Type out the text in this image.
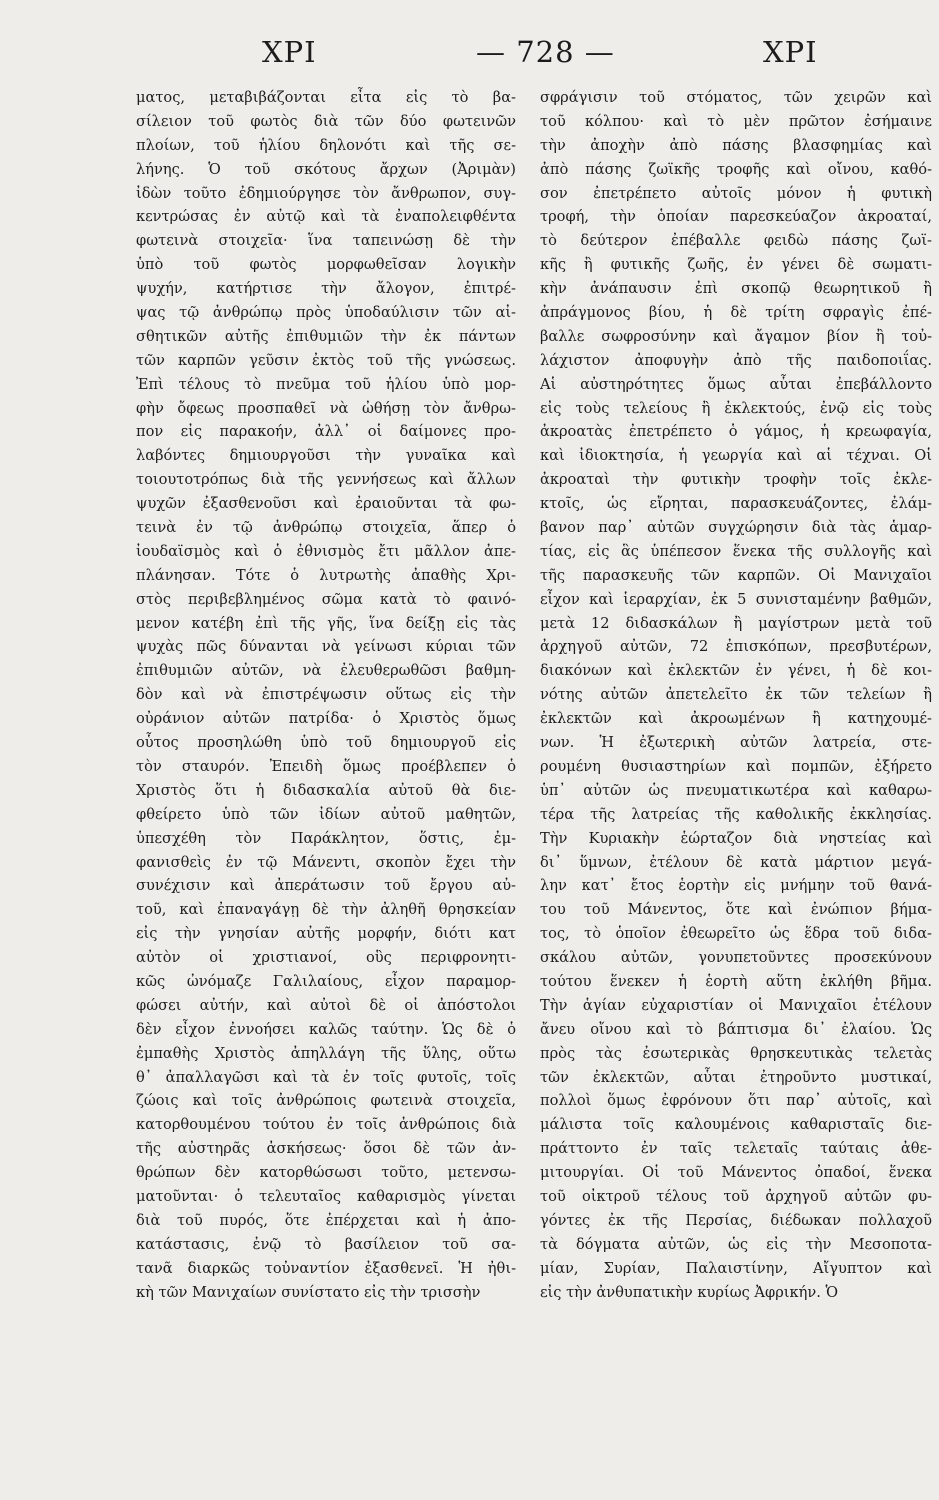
ΧΡΙ	— 728 —	ΧΡΙ
ματος, μεταβιβάζονται εἶτα εἰς τὸ βα-
σίλειον τοῦ φωτὸς διὰ τῶν δύο φωτεινῶν
πλοίων, τοῦ ἡλίου δηλονότι καὶ τῆς σε-
λήνης. Ὁ τοῦ σκότους ἄρχων (Ἀριμὰν)
ἰδὼν τοῦτο ἐδημιούργησε τὸν ἄνθρωπον, συγ-
κεντρώσας ἐν αὐτῷ καὶ τὰ ἐναπολειφθέντα
φωτεινὰ στοιχεῖα· ἵνα ταπεινώσῃ δὲ τὴν
ὑπὸ τοῦ φωτὸς μορφωθεῖσαν λογικὴν
ψυχήν, κατήρτισε τὴν ἄλογον, ἐπιτρέ-
ψας τῷ ἀνθρώπῳ πρὸς ὑποδαύλισιν τῶν αἰ-
σθητικῶν αὐτῆς ἐπιθυμιῶν τὴν ἐκ πάντων
τῶν καρπῶν γεῦσιν ἐκτὸς τοῦ τῆς γνώσεως.
Ἐπὶ τέλους τὸ πνεῦμα τοῦ ἡλίου ὑπὸ μορ-
φὴν ὄφεως προσπαθεῖ νὰ ὠθήσῃ τὸν ἄνθρω-
πον εἰς παρακοήν, ἀλλ᾽ οἱ δαίμονες προ-
λαβόντες δημιουργοῦσι τὴν γυναῖκα καὶ
τοιουτοτρόπως διὰ τῆς γεννήσεως καὶ ἄλλων
ψυχῶν ἐξασθενοῦσι καὶ ἐραιοῦνται τὰ φω-
τεινὰ ἐν τῷ ἀνθρώπῳ στοιχεῖα, ἅπερ ὁ
ἰουδαϊσμὸς καὶ ὁ ἐθνισμὸς ἔτι μᾶλλον ἀπε-
πλάνησαν. Τότε ὁ λυτρωτὴς ἀπαθὴς Χρι-
στὸς περιβεβλημένος σῶμα κατὰ τὸ φαινό-
μενον κατέβη ἐπὶ τῆς γῆς, ἵνα δείξῃ εἰς τὰς
ψυχὰς πῶς δύνανται νὰ γείνωσι κύριαι τῶν
ἐπιθυμιῶν αὐτῶν, νὰ ἐλευθερωθῶσι βαθμη-
δὸν καὶ νὰ ἐπιστρέψωσιν οὕτως εἰς τὴν
οὐράνιον αὐτῶν πατρίδα· ὁ Χριστὸς ὅμως
οὗτος προσηλώθη ὑπὸ τοῦ δημιουργοῦ εἰς
τὸν σταυρόν. Ἐπειδὴ ὅμως προέβλεπεν ὁ
Χριστὸς ὅτι ἡ διδασκαλία αὐτοῦ θὰ διε-
φθείρετο ὑπὸ τῶν ἰδίων αὐτοῦ μαθητῶν,
ὑπεσχέθη τὸν Παράκλητον, ὅστις, ἐμ-
φανισθεὶς ἐν τῷ Μάνεντι, σκοπὸν ἔχει τὴν
συνέχισιν καὶ ἀπεράτωσιν τοῦ ἔργου αὐ-
τοῦ, καὶ ἐπαναγάγῃ δὲ τὴν ἀληθῆ θρησκείαν
εἰς τὴν γνησίαν αὐτῆς μορφήν, διότι κατ
αὐτὸν οἱ χριστιανοί, οὓς περιφρονητι-
κῶς ὠνόμαζε Γαλιλαίους, εἶχον παραμορ-
φώσει αὐτήν, καὶ αὐτοὶ δὲ οἱ ἀπόστολοι
δὲν εἶχον ἐννοήσει καλῶς ταύτην. Ὡς δὲ ὁ
ἐμπαθὴς Χριστὸς ἀπηλλάγη τῆς ὕλης, οὕτω
θ᾽ ἀπαλλαγῶσι καὶ τὰ ἐν τοῖς φυτοῖς, τοῖς
ζώοις καὶ τοῖς ἀνθρώποις φωτεινὰ στοιχεῖα,
κατορθουμένου τούτου ἐν τοῖς ἀνθρώποις διὰ
τῆς αὐστηρᾶς ἀσκήσεως· ὅσοι δὲ τῶν ἀν-
θρώπων δὲν κατορθώσωσι τοῦτο, μετενσω-
ματοῦνται· ὁ τελευταῖος καθαρισμὸς γίνεται
διὰ τοῦ πυρός, ὅτε ἐπέρχεται καὶ ἡ ἀπο-
κατάστασις, ἐνῷ τὸ βασίλειον τοῦ σα-
τανᾶ διαρκῶς τοὐναντίον ἐξασθενεῖ. Ἡ ἠθι-
κὴ τῶν Μανιχαίων συνίστατο εἰς τὴν τρισσὴν
σφράγισιν τοῦ στόματος, τῶν χειρῶν καὶ
τοῦ κόλπου· καὶ τὸ μὲν πρῶτον ἐσήμαινε
τὴν ἀποχὴν ἀπὸ πάσης βλασφημίας καὶ
ἀπὸ πάσης ζωϊκῆς τροφῆς καὶ οἴνου, καθό-
σον ἐπετρέπετο αὐτοῖς μόνον ἡ φυτικὴ
τροφή, τὴν ὁποίαν παρεσκεύαζον ἀκροαταί,
τὸ δεύτερον ἐπέβαλλε φειδὼ πάσης ζωϊ-
κῆς ἢ φυτικῆς ζωῆς, ἐν γένει δὲ σωματι-
κὴν ἀνάπαυσιν ἐπὶ σκοπῷ θεωρητικοῦ ἢ
ἀπράγμονος βίου, ἡ δὲ τρίτη σφραγὶς ἐπέ-
βαλλε σωφροσύνην καὶ ἄγαμον βίον ἢ τοὐ-
λάχιστον ἀποφυγὴν ἀπὸ τῆς παιδοποιΐας.
Αἱ αὐστηρότητες ὅμως αὗται ἐπεβάλλοντο
εἰς τοὺς τελείους ἢ ἐκλεκτούς, ἐνῷ εἰς τοὺς
ἀκροατὰς ἐπετρέπετο ὁ γάμος, ἡ κρεωφαγία,
καὶ ἰδιοκτησία, ἡ γεωργία καὶ αἱ τέχναι. Οἱ
ἀκροαταὶ τὴν φυτικὴν τροφὴν τοῖς ἐκλε-
κτοῖς, ὡς εἴρηται, παρασκευάζοντες, ἐλάμ-
βανον παρ᾽ αὐτῶν συγχώρησιν διὰ τὰς ἁμαρ-
τίας, εἰς ἃς ὑπέπεσον ἕνεκα τῆς συλλογῆς καὶ
τῆς παρασκευῆς τῶν καρπῶν. Οἱ Μανιχαῖοι
εἶχον καὶ ἱεραρχίαν, ἐκ 5 συνισταμένην βαθμῶν,
μετὰ 12 διδασκάλων ἢ μαγίστρων μετὰ τοῦ
ἀρχηγοῦ αὐτῶν, 72 ἐπισκόπων, πρεσβυτέρων,
διακόνων καὶ ἐκλεκτῶν ἐν γένει, ἡ δὲ κοι-
νότης αὐτῶν ἀπετελεῖτο ἐκ τῶν τελείων ἢ
ἐκλεκτῶν καὶ ἀκροωμένων ἢ κατηχουμέ-
νων. Ἡ ἐξωτερικὴ αὐτῶν λατρεία, στε-
ρουμένη θυσιαστηρίων καὶ πομπῶν, ἐξήρετο
ὑπ᾽ αὐτῶν ὡς πνευματικωτέρα καὶ καθαρω-
τέρα τῆς λατρείας τῆς καθολικῆς ἐκκλησίας.
Τὴν Κυριακὴν ἑώρταζον διὰ νηστείας καὶ
δι᾽ ὕμνων, ἐτέλουν δὲ κατὰ μάρτιον μεγά-
λην κατ᾽ ἔτος ἑορτὴν εἰς μνήμην τοῦ θανά-
του τοῦ Μάνεντος, ὅτε καὶ ἐνώπιον βήμα-
τος, τὸ ὁποῖον ἐθεωρεῖτο ὡς ἕδρα τοῦ διδα-
σκάλου αὐτῶν, γονυπετοῦντες προσεκύνουν
τούτου ἕνεκεν ἡ ἑορτὴ αὕτη ἐκλήθη βῆμα.
Τὴν ἁγίαν εὐχαριστίαν οἱ Μανιχαῖοι ἐτέλουν
ἄνευ οἴνου καὶ τὸ βάπτισμα δι᾽ ἐλαίου. Ὡς
πρὸς τὰς ἐσωτερικὰς θρησκευτικὰς τελετὰς
τῶν ἐκλεκτῶν, αὗται ἐτηροῦντο μυστικαί,
πολλοὶ ὅμως ἐφρόνουν ὅτι παρ᾽ αὐτοῖς, καὶ
μάλιστα τοῖς καλουμένοις καθαρισταῖς διε-
πράττοντο ἐν ταῖς τελεταῖς ταύταις ἀθε-
μιτουργίαι. Οἱ τοῦ Μάνεντος ὀπαδοί, ἕνεκα
τοῦ οἰκτροῦ τέλους τοῦ ἀρχηγοῦ αὐτῶν φυ-
γόντες ἐκ τῆς Περσίας, διέδωκαν πολλαχοῦ
τὰ δόγματα αὐτῶν, ὡς εἰς τὴν Μεσοποτα-
μίαν, Συρίαν, Παλαιστίνην, Αἴγυπτον καὶ
εἰς τὴν ἀνθυπατικὴν κυρίως Ἀφρικήν. Ὁ
